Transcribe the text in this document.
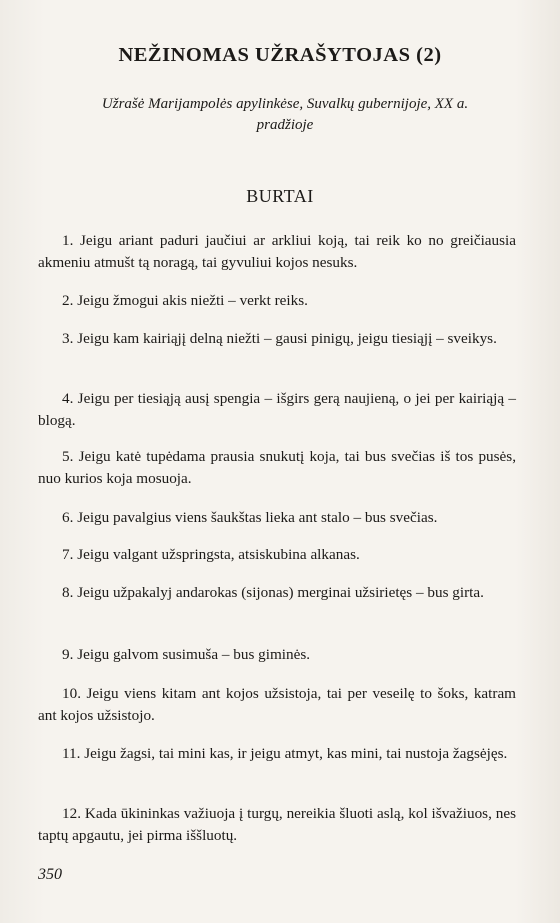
NEŽINOMAS UŽRAŠYTOJAS (2)
Užrašė Marijampolės apylinkėse, Suvalkų gubernijoje, XX a. pradžioje
BURTAI

1. Jeigu ariant paduri jaučiui ar arkliui koją, tai reik ko no greičiausia akmeniu atmušt tą noragą, tai gyvuliui kojos nesuks.

2. Jeigu žmogui akis niežti – verkt reiks.

3. Jeigu kam kairiąjį delną niežti – gausi pinigų, jeigu tiesiąjį – sveikys.

4. Jeigu per tiesiąją ausį spengia – išgirs gerą naujieną, o jei per kairiąją – blogą.

5. Jeigu katė tupėdama prausia snukutį koja, tai bus svečias iš tos pusės, nuo kurios koja mosuoja.

6. Jeigu pavalgius viens šaukštas lieka ant stalo – bus svečias.

7. Jeigu valgant užspringsta, atsiskubina alkanas.

8. Jeigu užpakalyj andarokas (sijonas) merginai užsirietęs – bus girta.

9. Jeigu galvom susimuša – bus giminės.

10. Jeigu viens kitam ant kojos užsistoja, tai per veseilę to šoks, katram ant kojos užsistojo.

11. Jeigu žagsi, tai mini kas, ir jeigu atmyt, kas mini, tai nustoja žagsėjęs.

12. Kada ūkininkas važiuoja į turgų, nereikia šluoti aslą, kol išvažiuos, nes taptų apgautu, jei pirma iššluotų.

350
